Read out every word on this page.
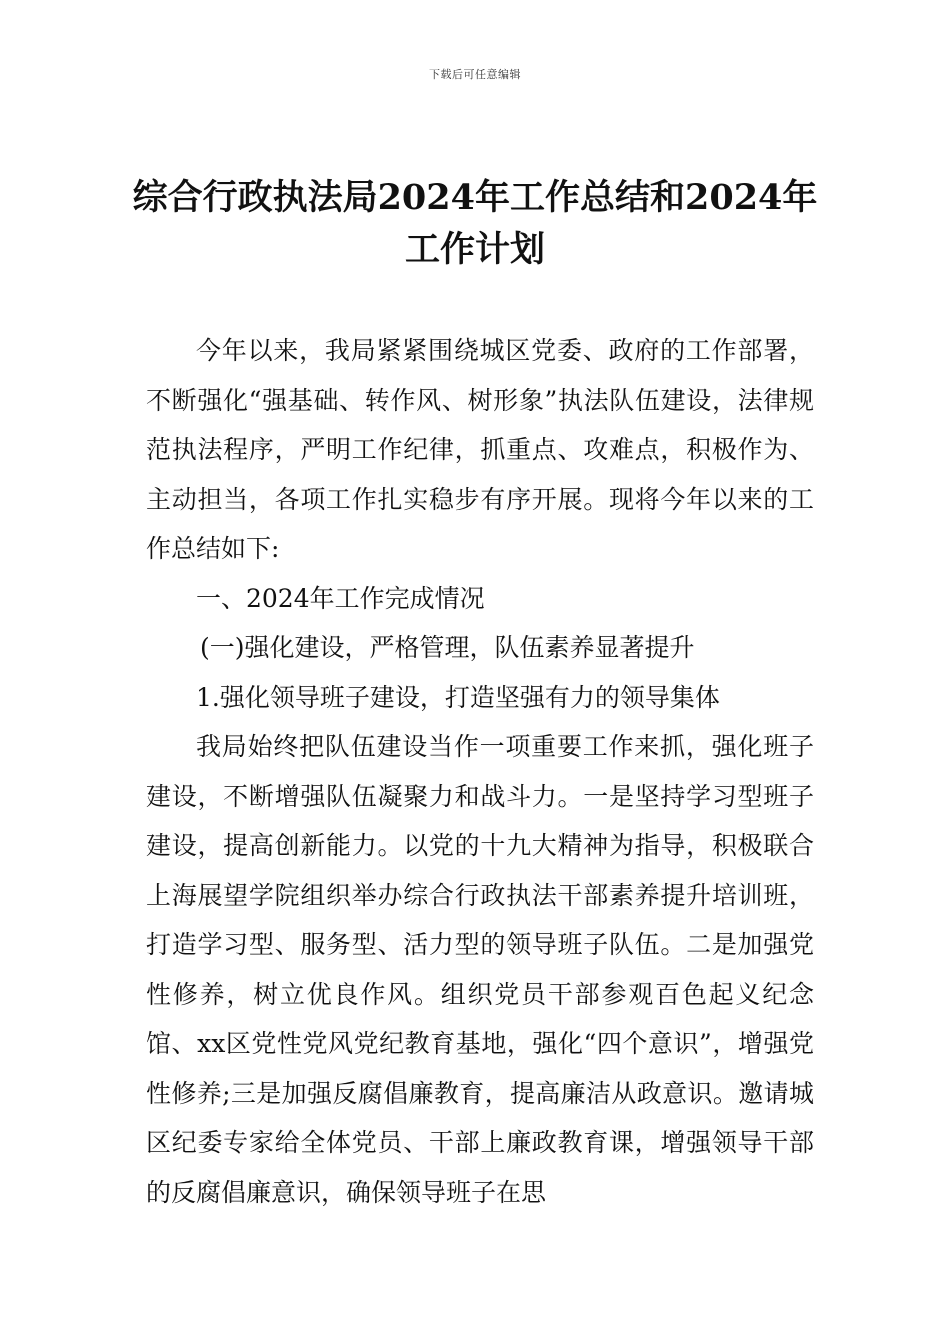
下载后可任意编辑
综合行政执法局2024年工作总结和2024年
工作计划

今年以来，我局紧紧围绕城区党委、政府的工作部署，不断强化“强基础、转作风、树形象”执法队伍建设，法律规范执法程序，严明工作纪律，抓重点、攻难点，积极作为、主动担当，各项工作扎实稳步有序开展。现将今年以来的工作总结如下:

一、2024年工作完成情况

(一)强化建设，严格管理，队伍素养显著提升

1.强化领导班子建设，打造坚强有力的领导集体

我局始终把队伍建设当作一项重要工作来抓，强化班子建设，不断增强队伍凝聚力和战斗力。一是坚持学习型班子建设，提高创新能力。以党的十九大精神为指导，积极联合上海展望学院组织举办综合行政执法干部素养提升培训班，打造学习型、服务型、活力型的领导班子队伍。二是加强党性修养，树立优良作风。组织党员干部参观百色起义纪念馆、xx区党性党风党纪教育基地，强化“四个意识”，增强党性修养;三是加强反腐倡廉教育，提高廉洁从政意识。邀请城区纪委专家给全体党员、干部上廉政教育课，增强领导干部的反腐倡廉意识，确保领导班子在思
